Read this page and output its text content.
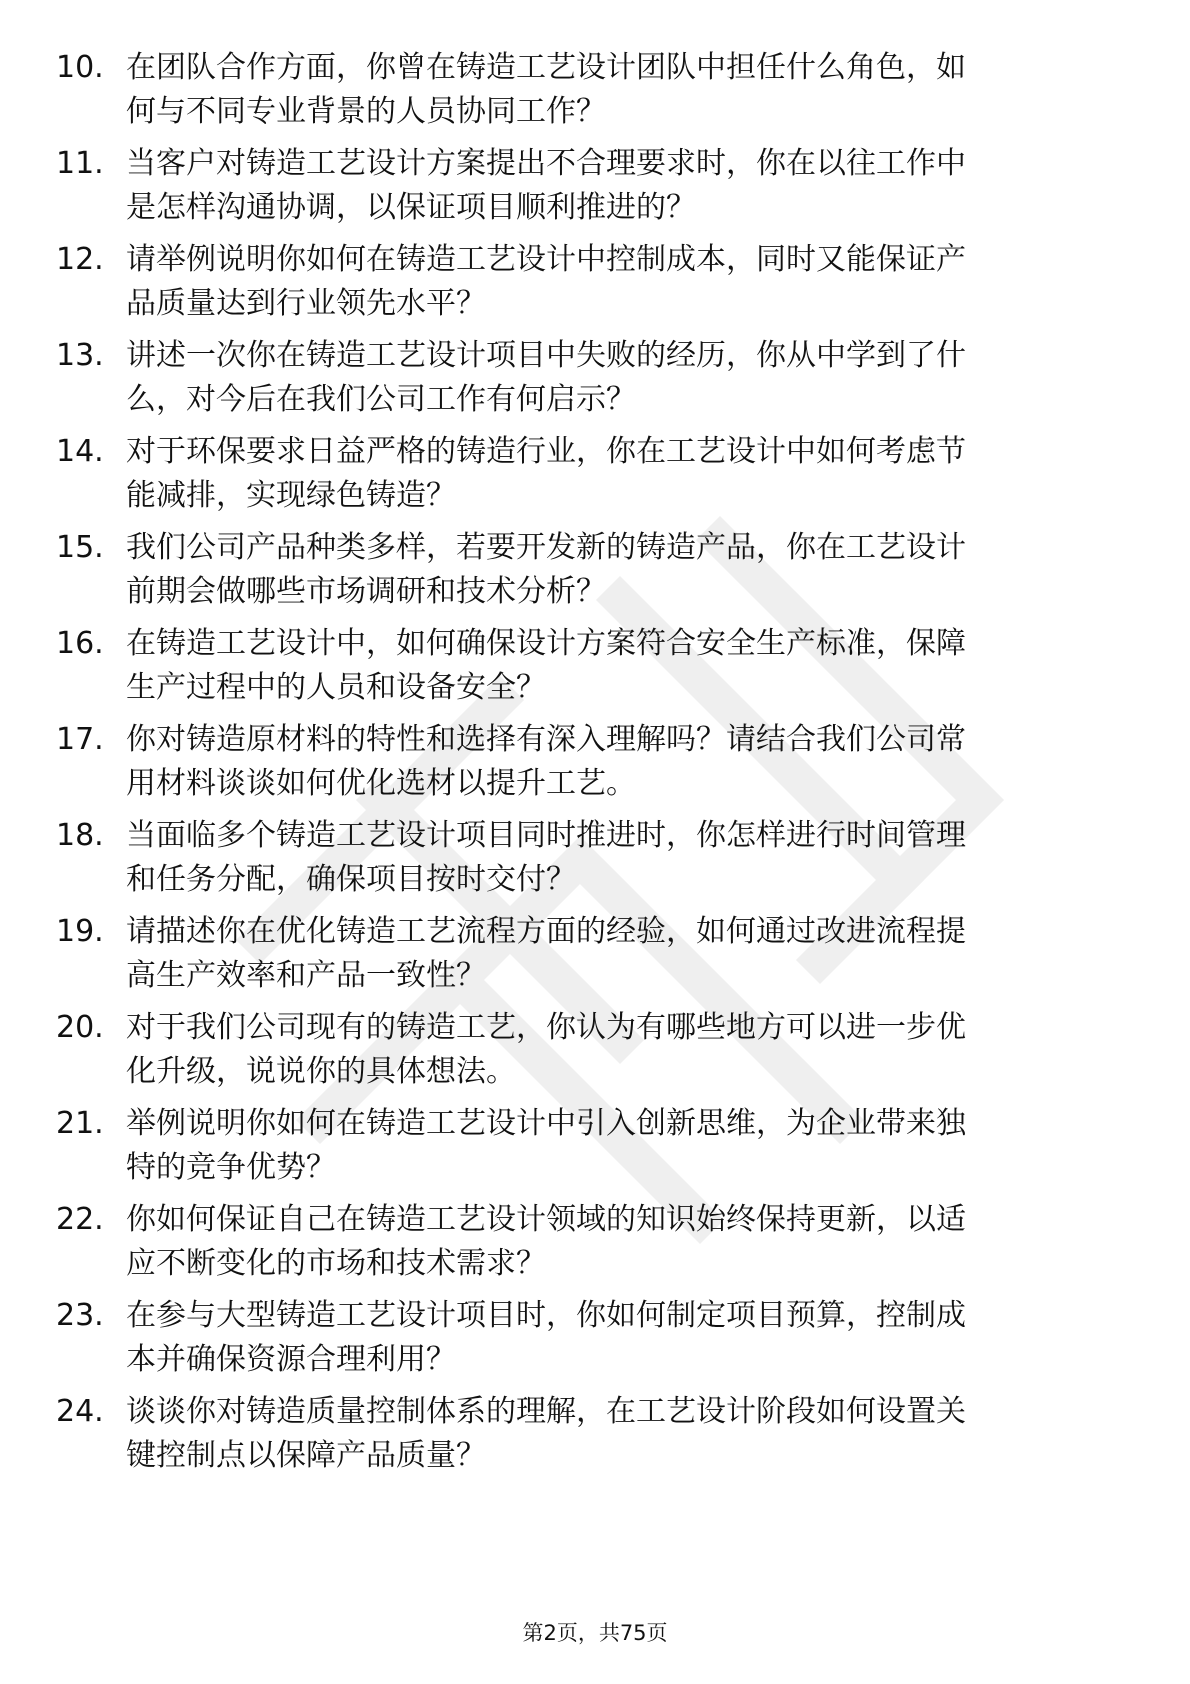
10. 在团队合作方面，你曾在铸造工艺设计团队中担任什么角色，如
何与不同专业背景的人员协同工作？
11. 当客户对铸造工艺设计方案提出不合理要求时，你在以往工作中
是怎样沟通协调，以保证项目顺利推进的？
12. 请举例说明你如何在铸造工艺设计中控制成本，同时又能保证产
品质量达到行业领先水平？
13. 讲述一次你在铸造工艺设计项目中失败的经历，你从中学到了什
么，对今后在我们公司工作有何启示？
14. 对于环保要求日益严格的铸造行业，你在工艺设计中如何考虑节
能减排，实现绿色铸造？
15. 我们公司产品种类多样，若要开发新的铸造产品，你在工艺设计
前期会做哪些市场调研和技术分析？
16. 在铸造工艺设计中，如何确保设计方案符合安全生产标准，保障
生产过程中的人员和设备安全？
17. 你对铸造原材料的特性和选择有深入理解吗？请结合我们公司常
用材料谈谈如何优化选材以提升工艺。
18. 当面临多个铸造工艺设计项目同时推进时，你怎样进行时间管理
和任务分配，确保项目按时交付？
19. 请描述你在优化铸造工艺流程方面的经验，如何通过改进流程提
高生产效率和产品一致性？
20. 对于我们公司现有的铸造工艺，你认为有哪些地方可以进一步优
化升级，说说你的具体想法。
21. 举例说明你如何在铸造工艺设计中引入创新思维，为企业带来独
特的竞争优势？
22. 你如何保证自己在铸造工艺设计领域的知识始终保持更新，以适
应不断变化的市场和技术需求？
23. 在参与大型铸造工艺设计项目时，你如何制定项目预算，控制成
本并确保资源合理利用？
24. 谈谈你对铸造质量控制体系的理解，在工艺设计阶段如何设置关
键控制点以保障产品质量？
第2页，共75页
